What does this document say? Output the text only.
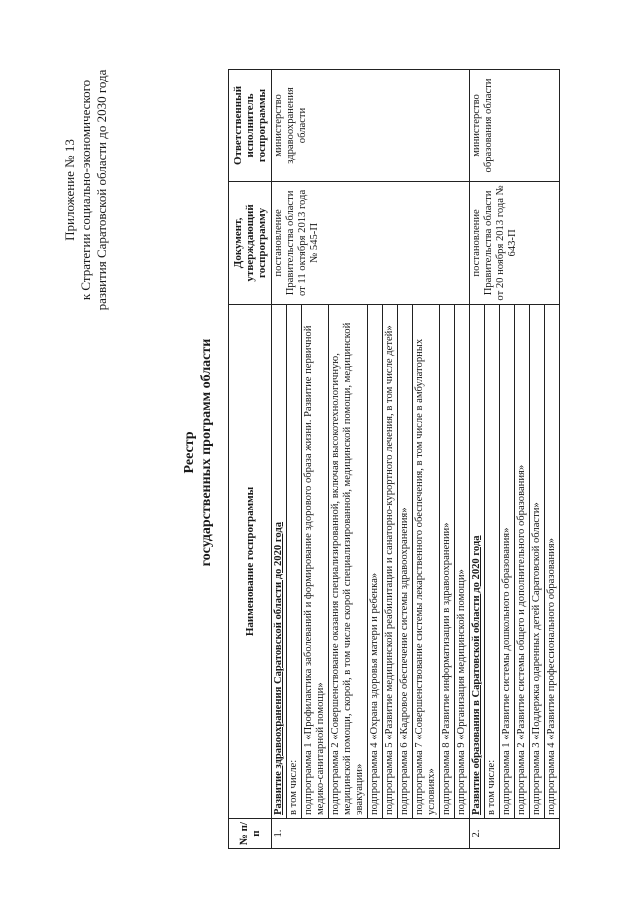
Приложение № 13 к Стратегии социально-экономического развития Саратовской области до 2030 года
Реестр государственных программ области
№ п/п	Наименование госпрограммы	Документ, утверждающий госпрограмму	Ответственный исполнитель госпрограммы
1.	Развитие здравоохранения Саратовской области до 2020 года	постановление Правительства области от 11 октября 2013 года № 545-П	министерство здравоохранения области
	в том числе:		
	подпрограмма 1 «Профилактика заболеваний и формирование здорового образа жизни. Развитие первичной медико-санитарной помощи»		
	подпрограмма 2 «Совершенствование оказания специализированной, включая высокотехнологичную, медицинской помощи, скорой, в том числе скорой специализированной, медицинской помощи, медицинской эвакуации»		
	подпрограмма 4 «Охрана здоровья матери и ребенка»		
	подпрограмма 5 «Развитие медицинской реабилитации и санаторно-курортного лечения, в том числе детей»		
	подпрограмма 6 «Кадровое обеспечение системы здравоохранения»		
	подпрограмма 7 «Совершенствование системы лекарственного обеспечения, в том числе в амбулаторных условиях»		
	подпрограмма 8 «Развитие информатизации в здравоохранении»		
	подпрограмма 9 «Организация медицинской помощи»		
2.	Развитие образования в Саратовской области до 2020 года	постановление Правительства области от 20 ноября 2013 года № 643-П	министерство образования области
	в том числе:		
	подпрограмма 1 «Развитие системы дошкольного образования»		
	подпрограмма 2 «Развитие системы общего и дополнительного образования»		
	подпрограмма 3 «Поддержка одаренных детей Саратовской области»		
	подпрограмма 4 «Развитие профессионального образования»		
